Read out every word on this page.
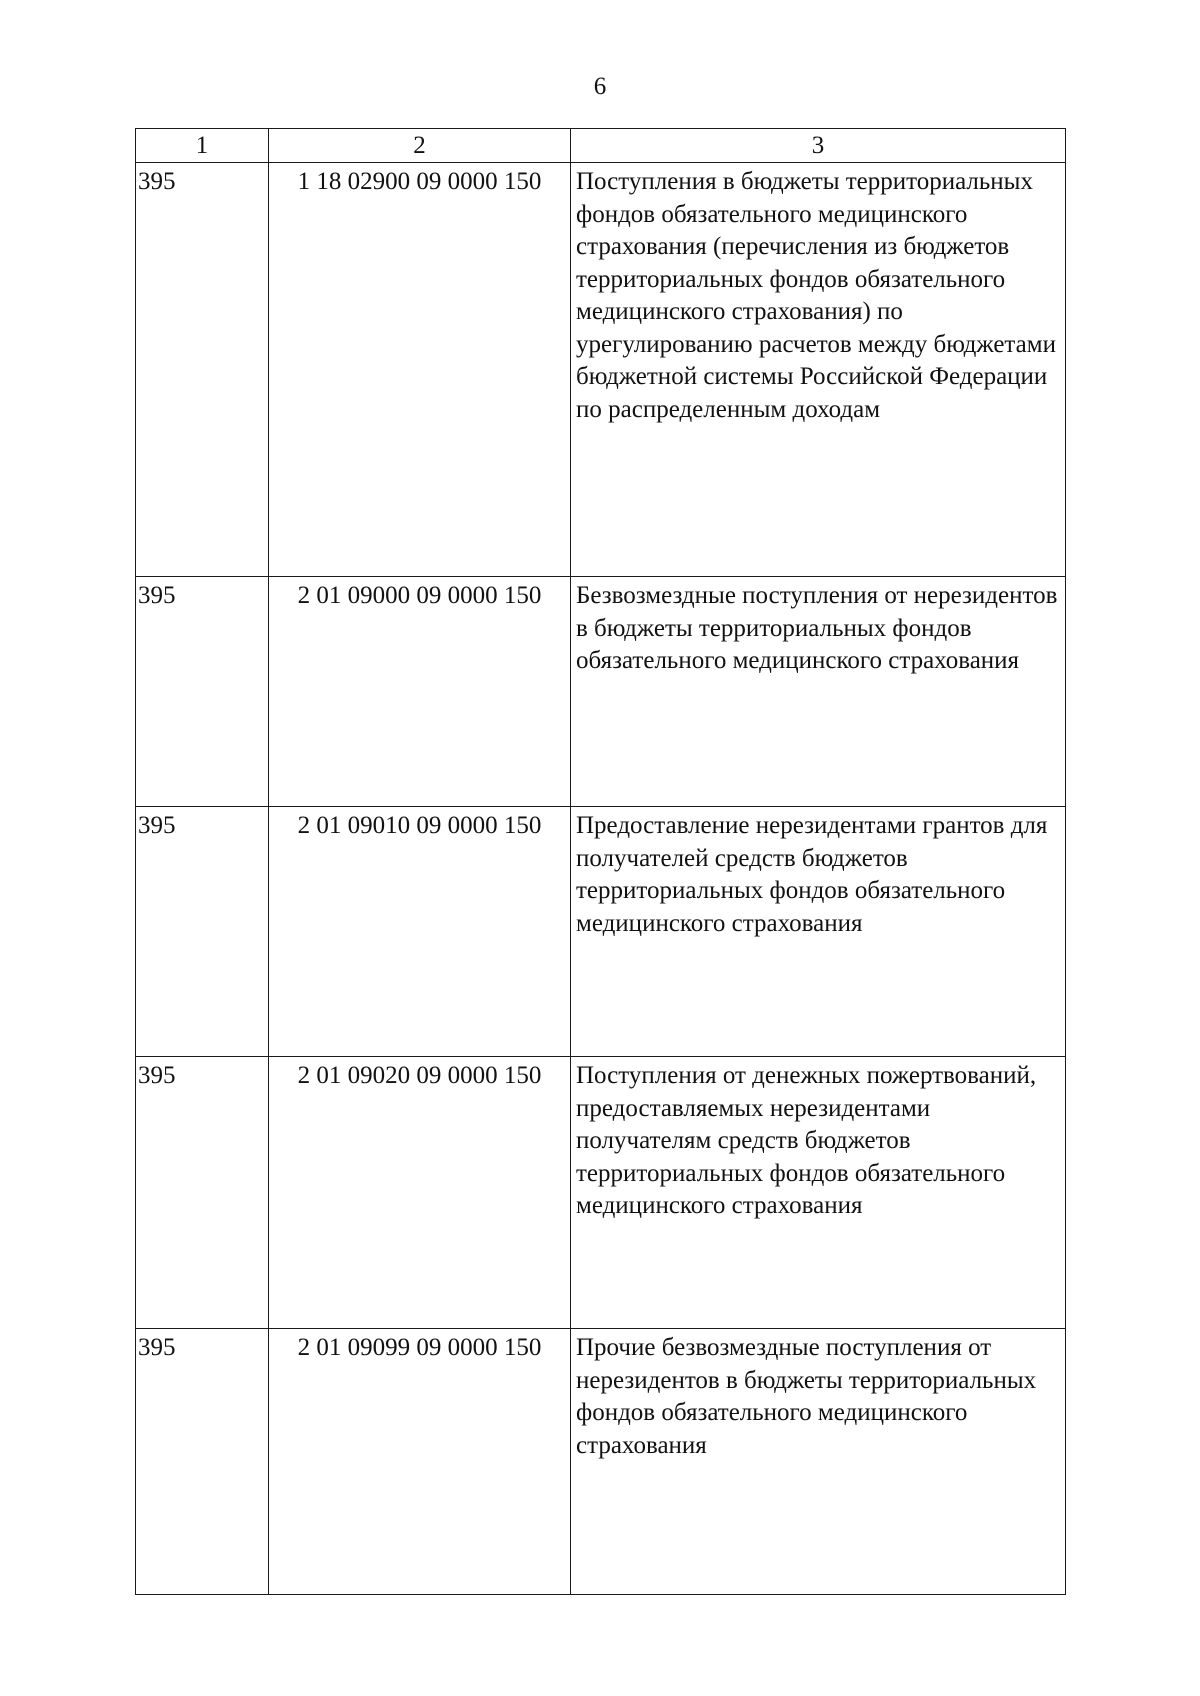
6
1	2	3
395	1 18 02900 09 0000 150	Поступления в бюджеты территориальных фондов обязательного медицинского страхования (перечисления из бюджетов территориальных фондов обязательного медицинского страхования) по урегулированию расчетов между бюджетами бюджетной системы Российской Федерации по распределенным доходам
395	2 01 09000 09 0000 150	Безвозмездные поступления от нерезидентов в бюджеты территориальных фондов обязательного медицинского страхования
395	2 01 09010 09 0000 150	Предоставление нерезидентами грантов для получателей средств бюджетов территориальных фондов обязательного медицинского страхования
395	2 01 09020 09 0000 150	Поступления от денежных пожертвований, предоставляемых нерезидентами получателям средств бюджетов территориальных фондов обязательного медицинского страхования
395	2 01 09099 09 0000 150	Прочие безвозмездные поступления от нерезидентов в бюджеты территориальных фондов обязательного медицинского страхования
